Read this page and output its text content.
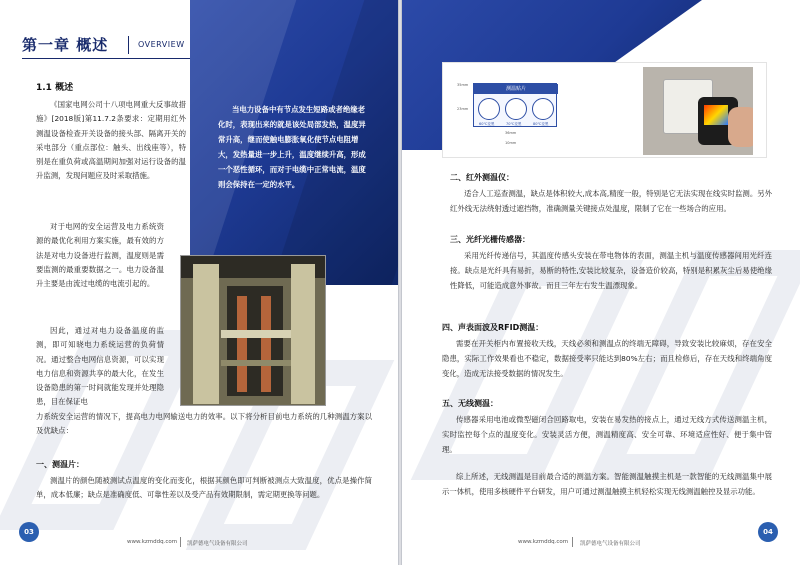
当电力设备中有节点发生短路或者绝缘老化时，表现出来的就是该处局部发热，温度异常升高，继而使触电膨胀氧化使节点电阻增大，发热量进一步上升，温度继续升高，形成一个恶性循环，而对于电缆中正常电流，温度则会保持在一定的水平。
第一章 概述	OVERVIEW
1.1 概述
《国家电网公司十八项电网重大反事故措施》[2018版]第11.7.2条要求：定期用红外测温设备检查开关设备的接头部、隔离开关的采电部分（重点部位：触头、出线座等），特别是在重负荷或高温期间加强对运行设备的温升监测，发现问题应及时采取措施。
对于电网的安全运营及电力系统资源的最优化利用方案实施，最有效的方法是对电力设备进行监测，温度则是需要监测的最重要数据之一。电力设备温升主要是由流过电缆的电流引起的。
因此，通过对电力设备温度的监测，即可知晓电力系统运营的负荷情况。通过整合电网信息资源，可以实现电力信息和资源共享的最大化，在发生设备隐患的第一时间就能发现并处理隐患，目在保证电
力系统安全运营的情况下，提高电力电网输送电力的效率。以下将分析目前电力系统的几种测温方案以及优缺点：
一、测温片：
测温片的颜色随被测试点温度的变化而变化，根据其颜色即可判断被测点大致温度，优点是操作简单，成本低廉；缺点是准确度低、可靠性差以及受产品有效期限制，需定期更换等问题。
03
www.kzmddq.com 凯萨德电气设备有限公司
35mm
23mm
测温贴片
60℃变黑	70℃变黑	80℃变黑
36mm
10mm
二、红外测温仪：
适合人工巡查测温，缺点是体积较大,成本高,精度一般，特别是它无法实现在线实时监测。另外红外线无法绕射透过遮挡物，准确测量关键接点处温度，限制了它在一些场合的应用。
三、光纤光栅传感器：
采用光纤传递信号，其温度传感头安装在带电物体的表面，测温主机与温度传感器间用光纤连接。缺点是光纤具有易折，易断的特性,安装比较复杂，设备造价较高，特别是积累灰尘后易使绝缘性降低，可能造成意外事故。而且三年左右发生温漂现象。
四、声表面波及RFID测温：
需要在开关柜内布置接收天线，天线必须和测温点的终端无障碍，导致安装比较麻烦，存在安全隐患，实际工作效果看也不稳定，数据接受率只能达到80%左右；而且检修后，存在天线和终端角度变化，造成无法接受数据的情况发生。
五、无线测温：
传感器采用电池或微型磁闭合回路取电，安装在易发热的接点上，通过无线方式传送测温主机，实时监控每个点的温度变化。安装灵活方便，测温精度高、安全可靠、环境适应性好、便于集中管理。
综上所述，无线测温是目前最合适的测温方案。智能测温触摸主机是一款智能的无线测温集中展示一体机，使用多核硬件平台研发，用户可通过测温触摸主机轻松实现无线测温触控及显示功能。
www.kzmddq.com 凯萨德电气设备有限公司
04
